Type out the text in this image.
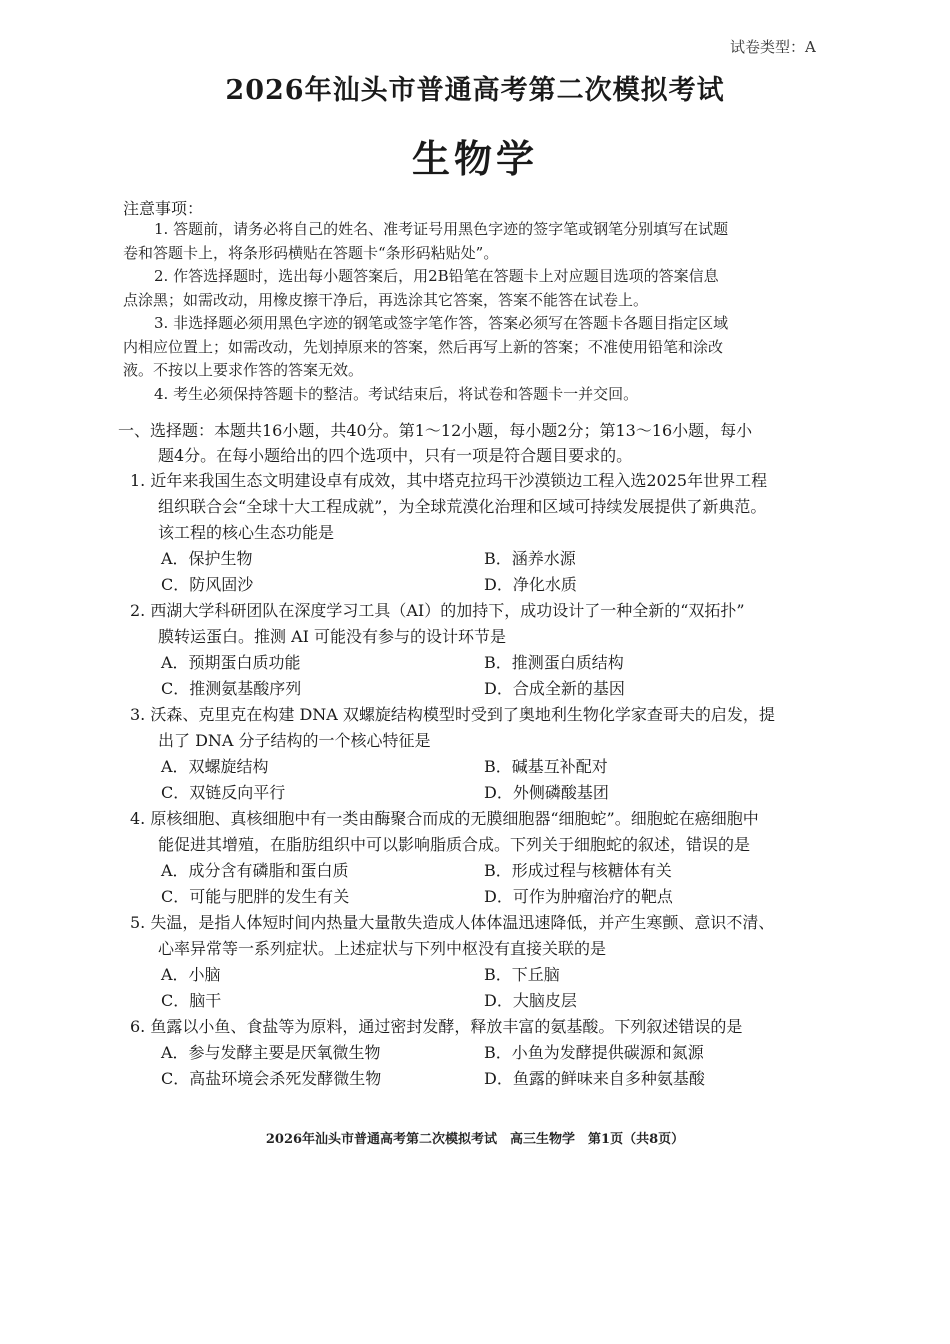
试卷类型：A
2026年汕头市普通高考第二次模拟考试
生物学
注意事项：
1. 答题前，请务必将自己的姓名、准考证号用黑色字迹的签字笔或钢笔分别填写在试题
卷和答题卡上，将条形码横贴在答题卡“条形码粘贴处”。
2. 作答选择题时，选出每小题答案后，用2B铅笔在答题卡上对应题目选项的答案信息
点涂黑；如需改动，用橡皮擦干净后，再选涂其它答案，答案不能答在试卷上。
3. 非选择题必须用黑色字迹的钢笔或签字笔作答，答案必须写在答题卡各题目指定区域
内相应位置上；如需改动，先划掉原来的答案，然后再写上新的答案；不准使用铅笔和涂改
液。不按以上要求作答的答案无效。
4. 考生必须保持答题卡的整洁。考试结束后，将试卷和答题卡一并交回。
一、选择题：本题共16小题，共40分。第1～12小题，每小题2分；第13～16小题，每小
题4分。在每小题给出的四个选项中，只有一项是符合题目要求的。
1. 近年来我国生态文明建设卓有成效，其中塔克拉玛干沙漠锁边工程入选2025年世界工程
组织联合会“全球十大工程成就”，为全球荒漠化治理和区域可持续发展提供了新典范。
该工程的核心生态功能是
A．保护生物	B．涵养水源
C．防风固沙	D．净化水质
2. 西湖大学科研团队在深度学习工具（AI）的加持下，成功设计了一种全新的“双拓扑”
膜转运蛋白。推测 AI 可能没有参与的设计环节是
A．预期蛋白质功能	B．推测蛋白质结构
C．推测氨基酸序列	D．合成全新的基因
3. 沃森、克里克在构建 DNA 双螺旋结构模型时受到了奥地利生物化学家查哥夫的启发，提
出了 DNA 分子结构的一个核心特征是
A．双螺旋结构	B．碱基互补配对
C．双链反向平行	D．外侧磷酸基团
4. 原核细胞、真核细胞中有一类由酶聚合而成的无膜细胞器“细胞蛇”。细胞蛇在癌细胞中
能促进其增殖，在脂肪组织中可以影响脂质合成。下列关于细胞蛇的叙述，错误的是
A．成分含有磷脂和蛋白质	B．形成过程与核糖体有关
C．可能与肥胖的发生有关	D．可作为肿瘤治疗的靶点
5. 失温，是指人体短时间内热量大量散失造成人体体温迅速降低，并产生寒颤、意识不清、
心率异常等一系列症状。上述症状与下列中枢没有直接关联的是
A．小脑	B．下丘脑
C．脑干	D．大脑皮层
6. 鱼露以小鱼、食盐等为原料，通过密封发酵，释放丰富的氨基酸。下列叙述错误的是
A．参与发酵主要是厌氧微生物	B．小鱼为发酵提供碳源和氮源
C．高盐环境会杀死发酵微生物	D．鱼露的鲜味来自多种氨基酸
2026年汕头市普通高考第二次模拟考试　高三生物学　第1页（共8页）
